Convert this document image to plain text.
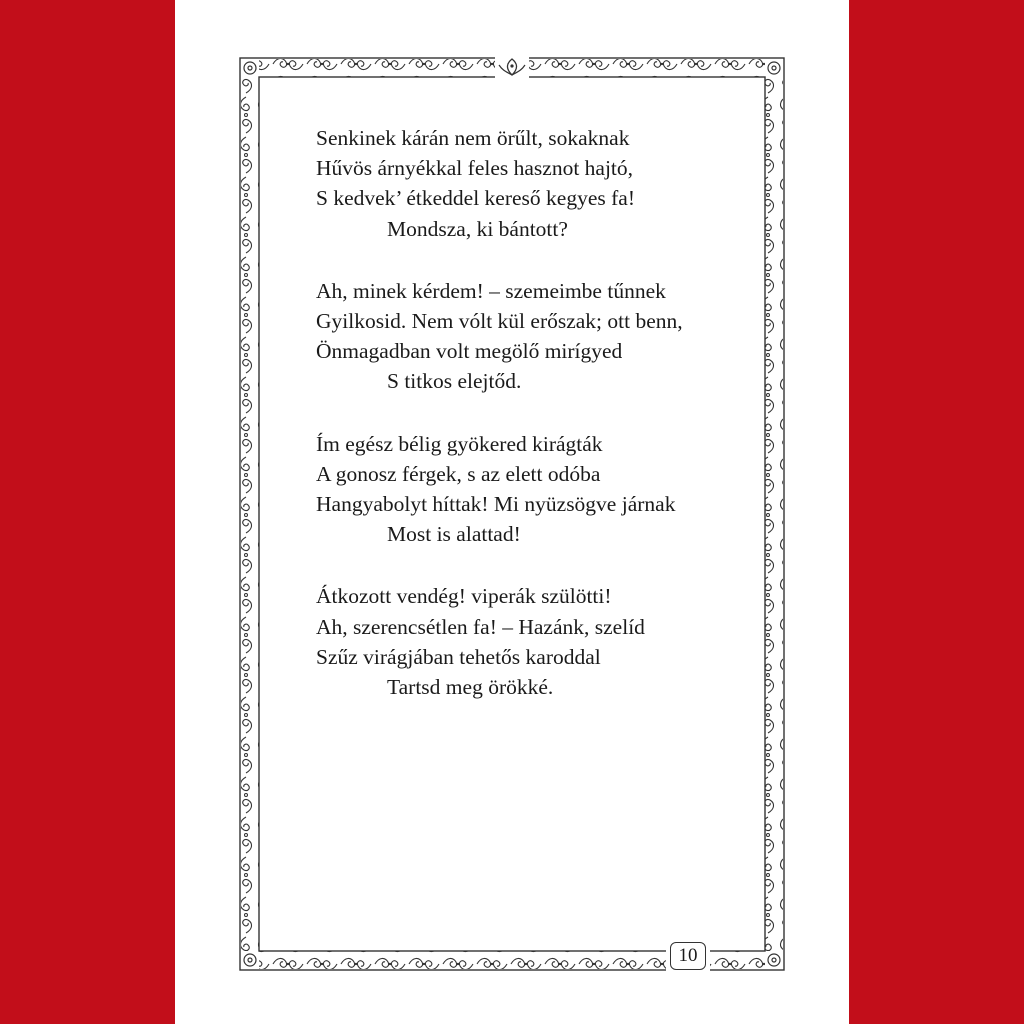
Senkinek kárán nem örűlt, sokaknak
Hűvös árnyékkal feles hasznot hajtó,
S kedvek’ étkeddel kereső kegyes fa!
Mondsza, ki bántott?
Ah, minek kérdem! – szemeimbe tűnnek
Gyilkosid. Nem vólt kül erőszak; ott benn,
Önmagadban volt megölő mirígyed
S titkos elejtőd.
Ím egész bélig gyökered kirágták
A gonosz férgek, s az elett odóba
Hangyabolyt híttak! Mi nyüzsögve járnak
Most is alattad!
Átkozott vendég! viperák szülötti!
Ah, szerencsétlen fa! – Hazánk, szelíd
Szűz virágjában tehetős karoddal
Tartsd meg örökké.
10
